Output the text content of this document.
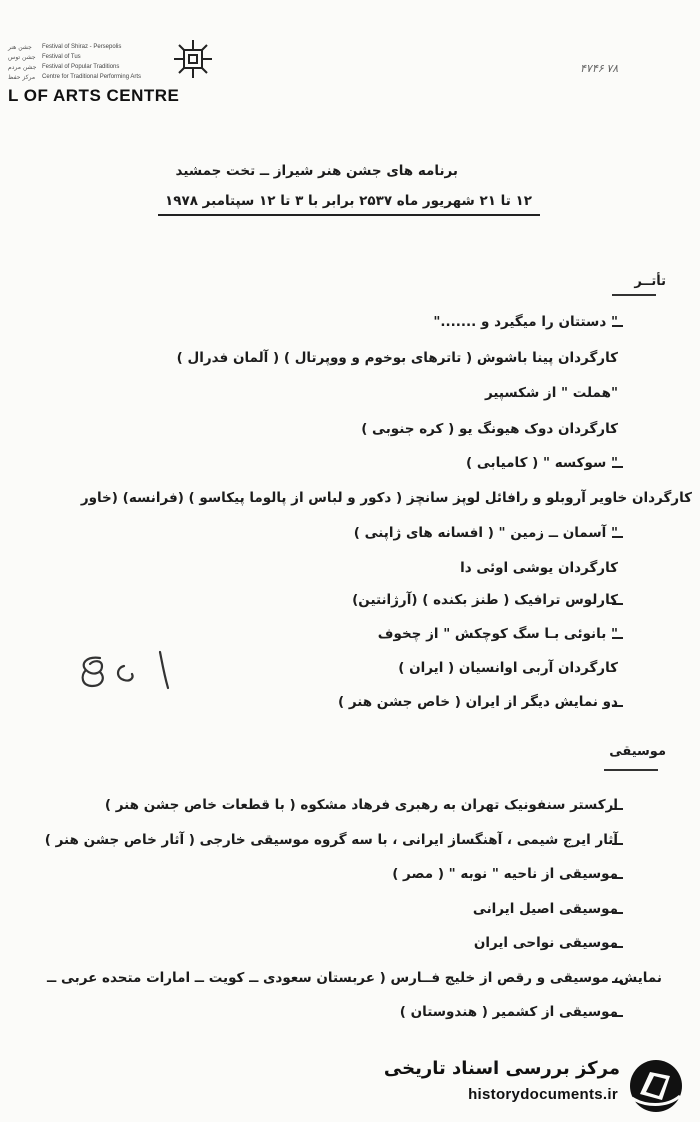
جشن هنر
جشن توس
جشن مردم
مرکز حفظ
Festival of Shiraz - Persepolis
Festival of Tus
Festival of Popular Traditions
Centre for Traditional Performing Arts
۴۷۴۶ ۷۸
L OF ARTS CENTRE
برنامه های جشن هنر شیراز ــ تخت جمشید
۱۲ تا ۲۱ شهریور ماه ۲۵۳۷ برابر با ۳ تا ۱۲ سپتامبر ۱۹۷۸
تأتــر
" دستتان را میگیرد و ......."
کارگردان پینا باشوش ( تاترهای بوخوم و ووپرتال ) ( آلمان فدرال )
"هملت " از شکسپیر
کارگردان دوک هیونگ یو ( کره جنوبی )
" سوکسه " ( کامیابی )
کارگردان خاویر آروبلو و رافائل لوپز سانچز ( دکور و لباس از پالوما پیکاسو ) (فرانسه) (خاور
" آسمان ــ زمین " ( افسانه های ژاپنی )
کارگردان یوشی اوئی دا
کارلوس ترافیک ( طنز بکنده ) (آرژانتین)
" بانوئی بـا سگ کوچکش " از چخوف
کارگردان آربی اوانسیان ( ایران )
دو نمایش دیگر از ایران ( خاص جشن هنر )
موسیقی
ارکستر سنفونیک تهران به رهبری فرهاد مشکوه ( با قطعات خاص جشن هنر )
آثار ایرج شیمی ، آهنگساز ایرانی ، با سه گروه موسیقی خارجی ( آثار خاص جشن هنر )
موسیقی از ناحیه " نوبه " ( مصر )
موسیقی اصیل ایرانی
موسیقی نواحی ایران
نمایش، موسیقی و رقص از خلیج فــارس ( عربستان سعودی ــ کویت ــ امارات متحده عربی ــ
موسیقی از کشمیر ( هندوستان )
مرکز بررسی اسناد تاریخی
historydocuments.ir
